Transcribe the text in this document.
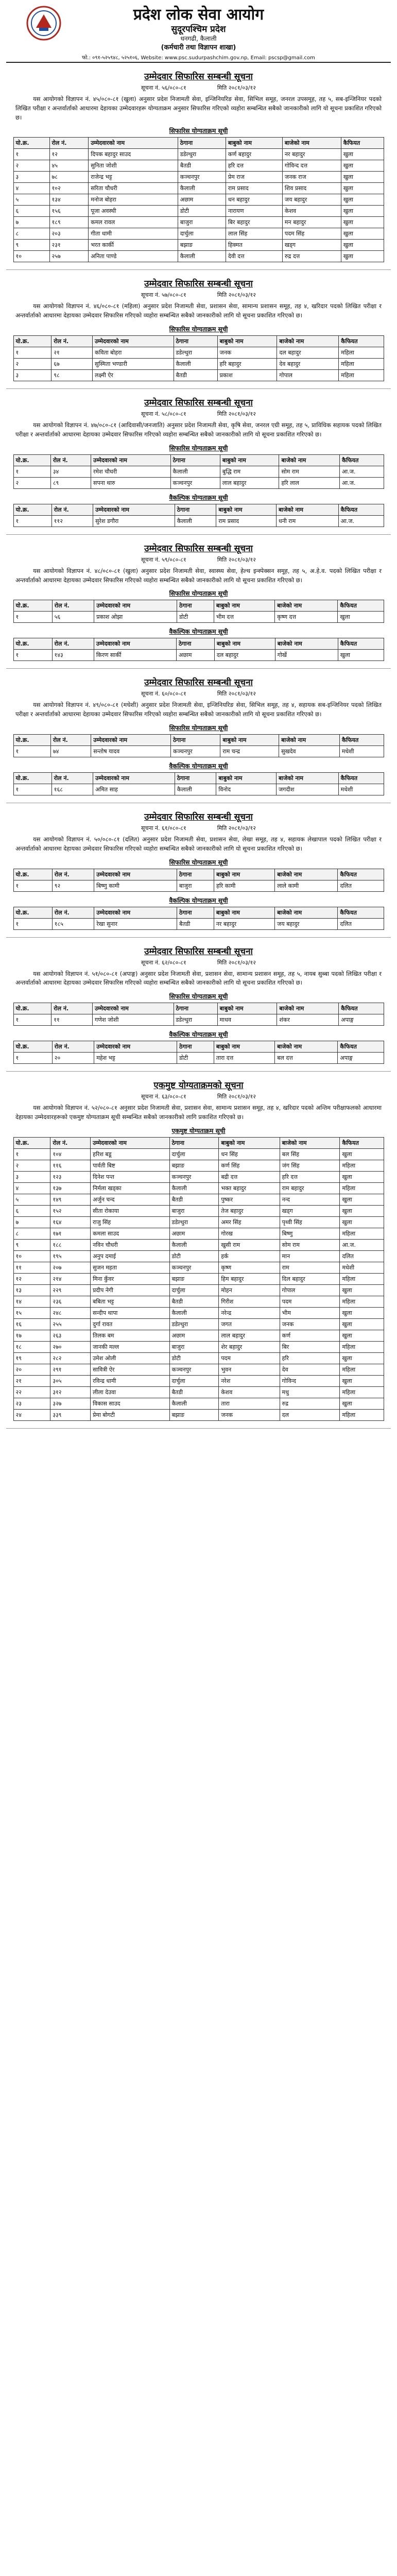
प्रदेश लोक सेवा आयोग
सुदूरपश्चिम प्रदेश
धनगढी, कैलाली
(कर्मचारी तथा विज्ञापन शाखा)
फो.: ०९१-५२५९४८, ५२५१०६, Website: www.psc.sudurpashchim.gov.np, Email: pscsp@gmail.com
उम्मेदवार सिफारिस सम्बन्धी सूचना
सूचना नं. ५६/०८०-८१	मिति २०८१/०३/१२
यस आयोगको विज्ञापन नं. ४५/०८०-८१ (खुला) अनुसार प्रदेश निजामती सेवा, इन्जिनियरिङ सेवा, सिभिल समूह, जनरल उपसमूह, तह ५, सब-इन्जिनियर पदको लिखित परीक्षा र अन्तर्वार्ताको आधारमा देहायका उम्मेदवारहरू योग्यताक्रम अनुसार सिफारिस गरिएको व्यहोरा सम्बन्धित सबैको जानकारीको लागि यो सूचना प्रकाशित गरिएको छ।
सिफारिस योग्यताक्रम सूची
यो.क्र.	रोल नं.	उम्मेदवारको नाम	ठेगाना	बाबुको नाम	बाजेको नाम	कैफियत
१	१२	दिपक बहादुर साउद	डडेल्धुरा	कर्ण बहादुर	नर बहादुर	खुला
२	४५	सुनिता जोशी	बैतडी	हरि दत्त	गोविन्द दत्त	खुला
३	७८	राजेन्द्र भट्ट	कञ्चनपुर	प्रेम राज	जनक राज	खुला
४	१०२	सरिता चौधरी	कैलाली	राम प्रसाद	शिव प्रसाद	खुला
५	१३४	मनोज बोहरा	अछाम	धन बहादुर	जय बहादुर	खुला
६	१५६	पूजा अवस्थी	डोटी	नारायण	केशव	खुला
७	१८९	कमल रावल	बाजुरा	बिर बहादुर	मन बहादुर	खुला
८	२०३	गीता धामी	दार्चुला	लाल सिंह	पदम सिंह	खुला
९	२३१	भरत कार्की	बझाङ	हिक्मत	खड्ग	खुला
१०	२५७	अनिता पाण्डे	कैलाली	देवी दत्त	रुद्र दत्त	खुला
उम्मेदवार सिफारिस सम्बन्धी सूचना
सूचना नं. ५७/०८०-८१	मिति २०८१/०३/१२
यस आयोगको विज्ञापन नं. ४६/०८०-८१ (महिला) अनुसार प्रदेश निजामती सेवा, प्रशासन सेवा, सामान्य प्रशासन समूह, तह ४, खरिदार पदको लिखित परीक्षा र अन्तर्वार्ताको आधारमा देहायका उम्मेदवार सिफारिस गरिएको व्यहोरा सम्बन्धित सबैको जानकारीको लागि यो सूचना प्रकाशित गरिएको छ।
सिफारिस योग्यताक्रम सूची
यो.क्र.	रोल नं.	उम्मेदवारको नाम	ठेगाना	बाबुको नाम	बाजेको नाम	कैफियत
१	२१	कविता बोहरा	डडेल्धुरा	जनक	दल बहादुर	महिला
२	६७	सुस्मिता भण्डारी	कैलाली	हरि बहादुर	देव बहादुर	महिला
३	९८	लक्ष्मी ऐर	बैतडी	प्रकाश	गोपाल	महिला
उम्मेदवार सिफारिस सम्बन्धी सूचना
सूचना नं. ५८/०८०-८१	मिति २०८१/०३/१२
यस आयोगको विज्ञापन नं. ४७/०८०-८१ (आदिवासी/जनजाति) अनुसार प्रदेश निजामती सेवा, कृषि सेवा, जनरल एग्री समूह, तह ५, प्राविधिक सहायक पदको लिखित परीक्षा र अन्तर्वार्ताको आधारमा देहायका उम्मेदवार सिफारिस गरिएको व्यहोरा सम्बन्धित सबैको जानकारीको लागि यो सूचना प्रकाशित गरिएको छ।
सिफारिस योग्यताक्रम सूची
यो.क्र.	रोल नं.	उम्मेदवारको नाम	ठेगाना	बाबुको नाम	बाजेको नाम	कैफियत
१	३४	रमेश चौधरी	कैलाली	बुद्धि राम	सोम राम	आ.ज.
२	८९	सपना थारु	कञ्चनपुर	लाल बहादुर	हरि लाल	आ.ज.
वैकल्पिक योग्यताक्रम सूची
यो.क्र.	रोल नं.	उम्मेदवारको नाम	ठेगाना	बाबुको नाम	बाजेको नाम	कैफियत
१	११२	सुरेश डगौरा	कैलाली	राम प्रसाद	धनी राम	आ.ज.
उम्मेदवार सिफारिस सम्बन्धी सूचना
सूचना नं. ५९/०८०-८१	मिति २०८१/०३/१२
यस आयोगको विज्ञापन नं. ४८/०८०-८१ (खुला) अनुसार प्रदेश निजामती सेवा, स्वास्थ्य सेवा, हेल्थ इन्स्पेक्सन समूह, तह ५, अ.हे.व. पदको लिखित परीक्षा र अन्तर्वार्ताको आधारमा देहायका उम्मेदवार सिफारिस गरिएको व्यहोरा सम्बन्धित सबैको जानकारीको लागि यो सूचना प्रकाशित गरिएको छ।
सिफारिस योग्यताक्रम सूची
यो.क्र.	रोल नं.	उम्मेदवारको नाम	ठेगाना	बाबुको नाम	बाजेको नाम	कैफियत
१	५६	प्रकाश ओझा	डोटी	भीम दत्त	कृष्ण दत्त	खुला
वैकल्पिक योग्यताक्रम सूची
यो.क्र.	रोल नं.	उम्मेदवारको नाम	ठेगाना	बाबुको नाम	बाजेको नाम	कैफियत
१	१४३	किरण सार्की	अछाम	दल बहादुर	गोर्खे	खुला
उम्मेदवार सिफारिस सम्बन्धी सूचना
सूचना नं. ६०/०८०-८१	मिति २०८१/०३/१२
यस आयोगको विज्ञापन नं. ४९/०८०-८१ (मधेशी) अनुसार प्रदेश निजामती सेवा, इन्जिनियरिङ सेवा, सिभिल समूह, तह ४, सहायक सब-इन्जिनियर पदको लिखित परीक्षा र अन्तर्वार्ताको आधारमा देहायका उम्मेदवार सिफारिस गरिएको व्यहोरा सम्बन्धित सबैको जानकारीको लागि यो सूचना प्रकाशित गरिएको छ।
सिफारिस योग्यताक्रम सूची
यो.क्र.	रोल नं.	उम्मेदवारको नाम	ठेगाना	बाबुको नाम	बाजेको नाम	कैफियत
१	७४	सन्तोष यादव	कञ्चनपुर	राम चन्द्र	सुखदेव	मधेशी
वैकल्पिक योग्यताक्रम सूची
यो.क्र.	रोल नं.	उम्मेदवारको नाम	ठेगाना	बाबुको नाम	बाजेको नाम	कैफियत
१	१६८	अमित साह	कैलाली	विनोद	जगदीश	मधेशी
उम्मेदवार सिफारिस सम्बन्धी सूचना
सूचना नं. ६१/०८०-८१	मिति २०८१/०३/१२
यस आयोगको विज्ञापन नं. ५०/०८०-८१ (दलित) अनुसार प्रदेश निजामती सेवा, प्रशासन सेवा, लेखा समूह, तह ४, सहायक लेखापाल पदको लिखित परीक्षा र अन्तर्वार्ताको आधारमा देहायका उम्मेदवार सिफारिस गरिएको व्यहोरा सम्बन्धित सबैको जानकारीको लागि यो सूचना प्रकाशित गरिएको छ।
सिफारिस योग्यताक्रम सूची
यो.क्र.	रोल नं.	उम्मेदवारको नाम	ठेगाना	बाबुको नाम	बाजेको नाम	कैफियत
१	९२	बिष्णु कामी	बाजुरा	हरि कामी	लाले कामी	दलित
वैकल्पिक योग्यताक्रम सूची
यो.क्र.	रोल नं.	उम्मेदवारको नाम	ठेगाना	बाबुको नाम	बाजेको नाम	कैफियत
१	१८५	रेखा सुनार	बैतडी	नर बहादुर	जय बहादुर	दलित
उम्मेदवार सिफारिस सम्बन्धी सूचना
सूचना नं. ६२/०८०-८१	मिति २०८१/०३/१२
यस आयोगको विज्ञापन नं. ५१/०८०-८१ (अपाङ्ग) अनुसार प्रदेश निजामती सेवा, प्रशासन सेवा, सामान्य प्रशासन समूह, तह ५, नायब सुब्बा पदको लिखित परीक्षा र अन्तर्वार्ताको आधारमा देहायका उम्मेदवार सिफारिस गरिएको व्यहोरा सम्बन्धित सबैको जानकारीको लागि यो सूचना प्रकाशित गरिएको छ।
सिफारिस योग्यताक्रम सूची
यो.क्र.	रोल नं.	उम्मेदवारको नाम	ठेगाना	बाबुको नाम	बाजेको नाम	कैफियत
१	११	गणेश जोशी	डडेल्धुरा	माधव	शंकर	अपाङ्ग
वैकल्पिक योग्यताक्रम सूची
यो.क्र.	रोल नं.	उम्मेदवारको नाम	ठेगाना	बाबुको नाम	बाजेको नाम	कैफियत
१	२०	महेश भट्ट	डोटी	तारा दत्त	बल दत्त	अपाङ्ग
एकमुष्ट योग्यताक्रमको सूचना
सूचना नं. ६३/०८०-८१	मिति २०८१/०३/१२
यस आयोगको विज्ञापन नं. ५२/०८०-८१ अनुसार प्रदेश निजामती सेवा, प्रशासन सेवा, सामान्य प्रशासन समूह, तह ४, खरिदार पदको अन्तिम परीक्षाफलको आधारमा देहायका उम्मेदवारहरूको एकमुष्ट योग्यताक्रम सूची सम्बन्धित सबैको जानकारीको लागि प्रकाशित गरिएको छ।
एकमुष्ट योग्यताक्रम सूची
यो.क्र.	रोल नं.	उम्मेदवारको नाम	ठेगाना	बाबुको नाम	बाजेको नाम	कैफियत
१	१०४	हरिश बडू	दार्चुला	धन सिंह	बल सिंह	खुला
२	११६	पार्वती बिष्ट	बझाङ	कर्ण सिंह	जंग सिंह	महिला
३	१२३	दिनेश पन्त	कञ्चनपुर	बद्री दत्त	हरि दत्त	खुला
४	१३७	निर्मला खड्का	कैलाली	भक्त बहादुर	राम बहादुर	महिला
५	१४९	अर्जुन चन्द	बैतडी	पुष्कर	नन्द	खुला
६	१५२	सीता रोकाया	बाजुरा	तेज बहादुर	खड्ग	खुला
७	१६४	राजु सिंह	डडेल्धुरा	अमर सिंह	पृथ्वी सिंह	खुला
८	१७१	कमला साउद	अछाम	गोरख	बिष्णु	महिला
९	१८८	नविन चौधरी	कैलाली	खुसी राम	सोम राम	आ.ज.
१०	१९५	अनुप दमाई	डोटी	हर्क	मान	दलित
११	२०७	सुजन महता	कञ्चनपुर	कृष्ण	राम	मधेशी
१२	२१४	मिना कुँवर	बझाङ	हिम बहादुर	दिल बहादुर	महिला
१३	२२९	प्रदीप नेगी	दार्चुला	मोहन	गोपाल	खुला
१४	२३६	बबिता भट्ट	बैतडी	गिरीश	पदम	महिला
१५	२४८	सन्दीप थापा	कैलाली	नरेन्द्र	भीम	खुला
१६	२५५	दुर्गा रावत	डडेल्धुरा	जगत	जनक	खुला
१७	२६३	तिलक बम	अछाम	लाल बहादुर	कर्ण	खुला
१८	२७०	जानकी मल्ल	बाजुरा	शेर बहादुर	बिर	महिला
१९	२८२	उमेश ओली	डोटी	पदम	हरि	खुला
२०	२९१	सावित्री ऐर	कञ्चनपुर	भुवन	देव	महिला
२१	३०५	रविन्द्र धामी	दार्चुला	नरेश	गोविन्द	खुला
२२	३१२	लीला देउवा	बैतडी	केशव	मधु	महिला
२३	३२७	विकास साउद	कैलाली	तारा	रुद्र	खुला
२४	३३९	प्रेमा बोगटी	बझाङ	जनक	दल	महिला
